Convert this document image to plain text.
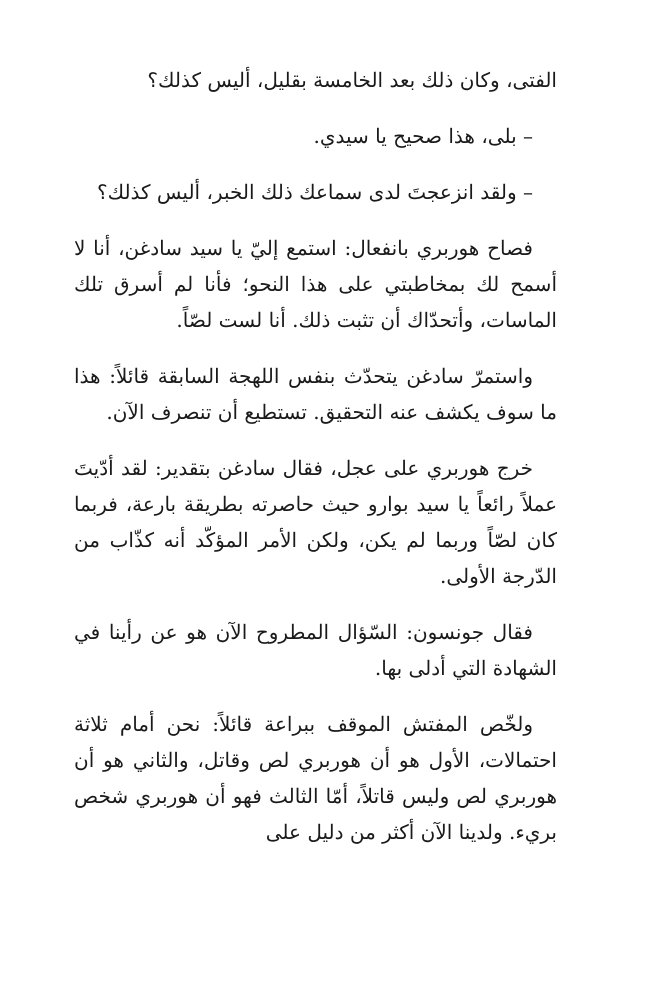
الفتى، وكان ذلك بعد الخامسة بقليل، أليس كذلك؟

– بلى، هذا صحيح يا سيدي.

– ولقد انزعجتَ لدى سماعك ذلك الخبر، أليس كذلك؟

فصاح هوربري بانفعال: استمع إليّ يا سيد سادغن، أنا لا أسمح لك بمخاطبتي على هذا النحو؛ فأنا لم أسرق تلك الماسات، وأتحدّاك أن تثبت ذلك. أنا لست لصّاً.

واستمرّ سادغن يتحدّث بنفس اللهجة السابقة قائلاً: هذا ما سوف يكشف عنه التحقيق. تستطيع أن تنصرف الآن.

خرج هوربري على عجل، فقال سادغن بتقدير: لقد أدّيتَ عملاً رائعاً يا سيد بوارو حيث حاصرته بطريقة بارعة، فربما كان لصّاً وربما لم يكن، ولكن الأمر المؤكّد أنه كذّاب من الدّرجة الأولى.

فقال جونسون: السّؤال المطروح الآن هو عن رأينا في الشهادة التي أدلى بها.

ولخّص المفتش الموقف ببراعة قائلاً: نحن أمام ثلاثة احتمالات، الأول هو أن هوربري لص وقاتل، والثاني هو أن هوربري لص وليس قاتلاً، أمّا الثالث فهو أن هوربري شخص بريء. ولدينا الآن أكثر من دليل على
